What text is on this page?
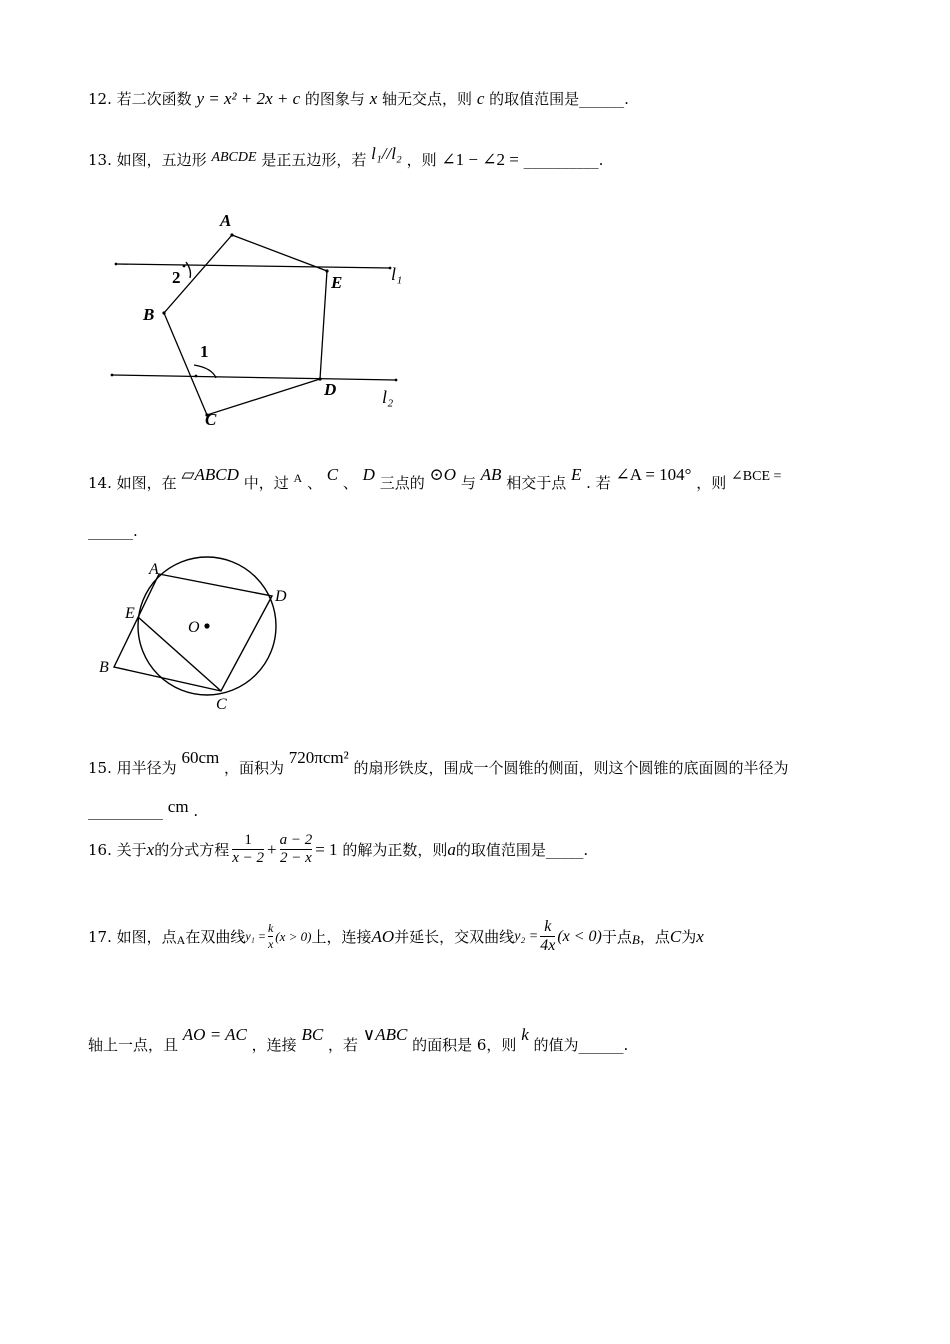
12. 若二次函数 y = x² + 2x + c 的图象与 x 轴无交点，则 c 的取值范围是______.
13. 如图，五边形 ABCDE 是正五边形，若 l₁//l₂ ，则 ∠1 − ∠2 = __________.
A
E
B
D
C
1
2	l₁
l₂
14. 如图，在 ▱ABCD 中，过 $^A$ 、 C 、 D 三点的 ⊙O 与 AB 相交于点 E . 若 ∠A = 104° ，则 ∠BCE =
______.
A
D
E
O
B
C
15. 用半径为 60cm ，面积为 720πcm² 的扇形铁皮，围成一个圆锥的侧面，则这个圆锥的底面圆的半径为
__________ cm .
16.
关于 x 的分式方程
1
x − 2 + a − 2
2 − x = 1
的解为正数，则 a 的取值范围是_____.
17.
如图，点 A 在双曲线 y₁ =
k
x
(x > 0) 上，连接 AO 并延长，交双曲线 y₂ =
k
4x
(x < 0) 于点 B ，点 C 为 x
轴上一点，且 AO = AC ，连接 BC ，若 ∨ABC 的面积是 6，则 k 的值为______.
